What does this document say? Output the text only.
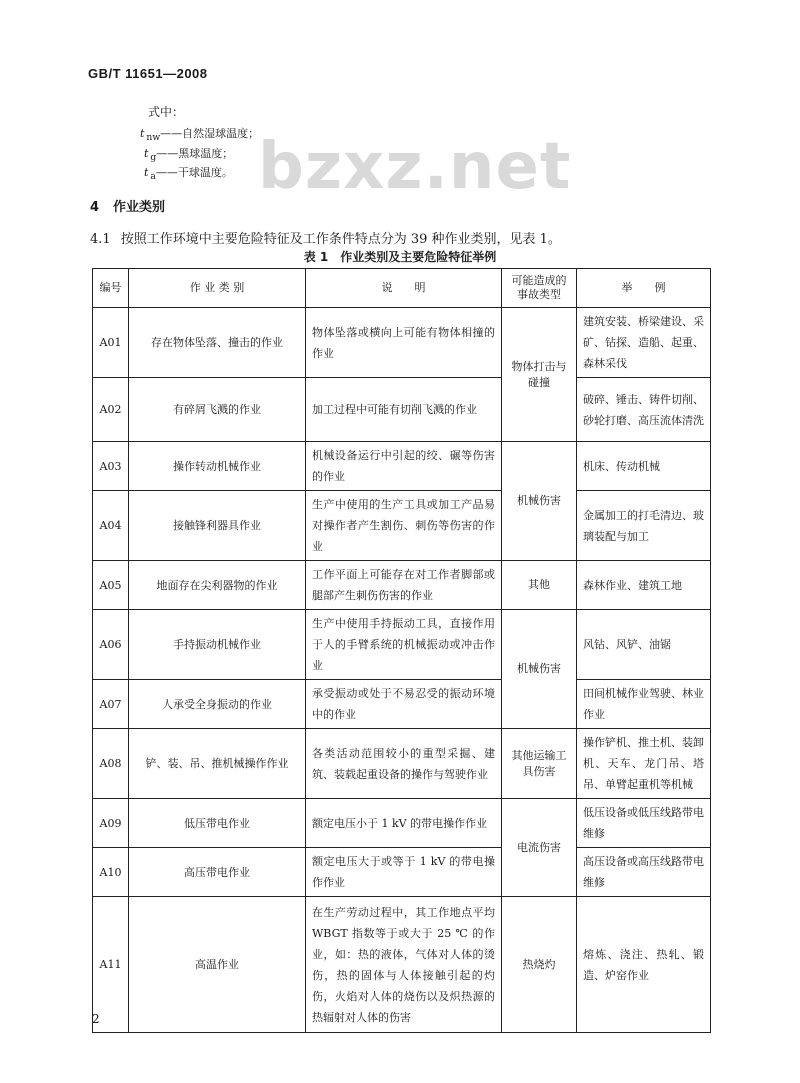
GB/T 11651—2008
式中：
t $_{nw}$——自然湿球温度；
t $_g$——黑球温度；
t $_a$——干球温度。 bzxz.net
4 作业类别
4.1 按照工作环境中主要危险特征及工作条件特点分为 39 种作业类别，见表 1。
表 1　作业类别及主要危险特征举例
编号	作 业 类 别	说　　明	可能造成的事故类型	举　　例
A01	存在物体坠落、撞击的作业	物体坠落或横向上可能有物体相撞的作业	物体打击与碰撞	建筑安装、桥梁建设、采矿、钻探、造船、起重、森林采伐
A02	有碎屑飞溅的作业	加工过程中可能有切削飞溅的作业		破碎、锤击、铸件切削、砂轮打磨、高压流体清洗
A03	操作转动机械作业	机械设备运行中引起的绞、碾等伤害的作业	机械伤害	机床、传动机械
A04	接触锋利器具作业	生产中使用的生产工具或加工产品易对操作者产生割伤、刺伤等伤害的作业		金属加工的打毛清边、玻璃装配与加工
A05	地面存在尖利器物的作业	工作平面上可能存在对工作者脚部或腿部产生刺伤伤害的作业	其他	森林作业、建筑工地
A06	手持振动机械作业	生产中使用手持振动工具，直接作用于人的手臂系统的机械振动或冲击作业	机械伤害	风钻、风铲、油锯
A07	人承受全身振动的作业	承受振动或处于不易忍受的振动环境中的作业		田间机械作业驾驶、林业作业
A08	铲、装、吊、推机械操作作业	各类活动范围较小的重型采掘、建筑、装载起重设备的操作与驾驶作业	其他运输工具伤害	操作铲机、推土机、装卸机、天车、龙门吊、塔吊、单臂起重机等机械
A09	低压带电作业	额定电压小于 1 kV 的带电操作作业	电流伤害	低压设备或低压线路带电维修
A10	高压带电作业	额定电压大于或等于 1 kV 的带电操作作业		高压设备或高压线路带电维修
A11	高温作业	在生产劳动过程中，其工作地点平均 WBGT 指数等于或大于 25 ℃ 的作业，如：热的液体，气体对人体的烫伤，热的固体与人体接触引起的灼伤，火焰对人体的烧伤以及炽热源的热辐射对人体的伤害	热烧灼	熔炼、浇注、热轧、锻造、炉窑作业
2
